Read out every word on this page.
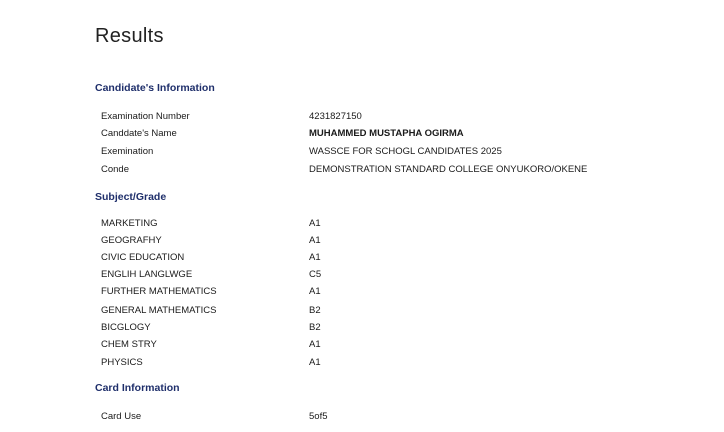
Results
Candidate's Information
Examination Number	4231827150
Canddate's Name	MUHAMMED MUSTAPHA OGIRMA
Exemination	WASSCE FOR SCHOGL CANDIDATES 2025
Conde	DEMONSTRATION STANDARD COLLEGE ONYUKORO/OKENE
Subject/Grade
MARKETING	A1
GEOGRAFHY	A1
CIVIC EDUCATION	A1
ENGLIH LANGLWGE	C5
FURTHER MATHEMATICS	A1
GENERAL MATHEMATICS	B2
BICGLOGY	B2
CHEM STRY	A1
PHYSICS	A1
Card Information
Card Use	5of5
